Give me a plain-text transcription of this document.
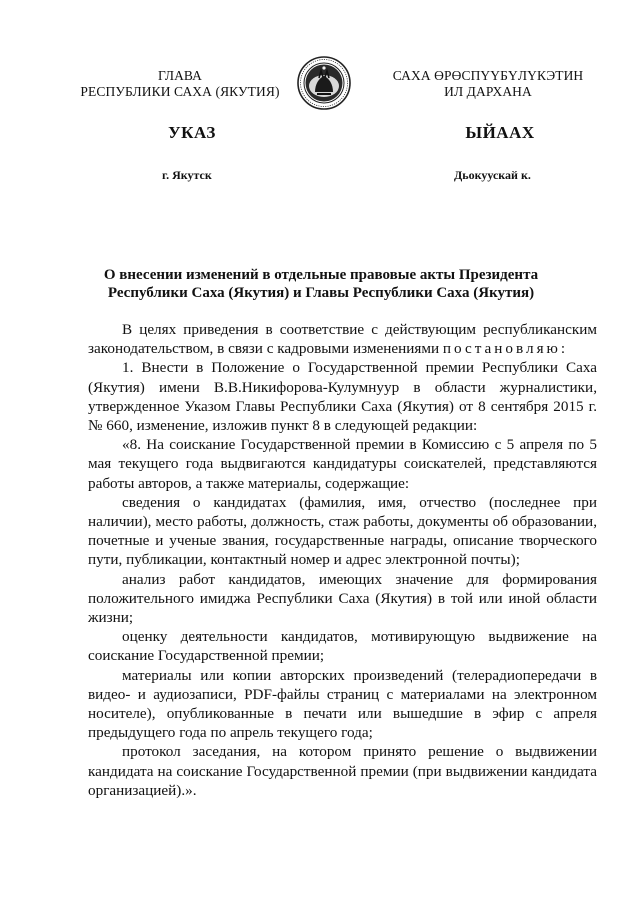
ГЛАВА
РЕСПУБЛИКИ САХА (ЯКУТИЯ)
САХА ӨРӨСПҮҮБҮЛҮКЭТИН
ИЛ ДАРХАНА
УКАЗ	ЫЙААХ
г. Якутск	Дьокуускай к.
О внесении изменений в отдельные правовые акты Президента
Республики Саха (Якутия) и Главы Республики Саха (Якутия)

В целях приведения в соответствие с действующим республиканским законодательством, в связи с кадровыми изменениями постановляю:

1. Внести в Положение о Государственной премии Республики Саха (Якутия) имени В.В.Никифорова-Кулумнуур в области журналистики, утвержденное Указом Главы Республики Саха (Якутия) от 8 сентября 2015 г. № 660, изменение, изложив пункт 8 в следующей редакции:

«8. На соискание Государственной премии в Комиссию с 5 апреля по 5 мая текущего года выдвигаются кандидатуры соискателей, представляются работы авторов, а также материалы, содержащие:

сведения о кандидатах (фамилия, имя, отчество (последнее при наличии), место работы, должность, стаж работы, документы об образовании, почетные и ученые звания, государственные награды, описание творческого пути, публикации, контактный номер и адрес электронной почты);

анализ работ кандидатов, имеющих значение для формирования положительного имиджа Республики Саха (Якутия) в той или иной области жизни;

оценку деятельности кандидатов, мотивирующую выдвижение на соискание Государственной премии;

материалы или копии авторских произведений (телерадиопередачи в видео- и аудиозаписи, PDF-файлы страниц с материалами на электронном носителе), опубликованные в печати или вышедшие в эфир с апреля предыдущего года по апрель текущего года;

протокол заседания, на котором принято решение о выдвижении кандидата на соискание Государственной премии (при выдвижении кандидата организацией).».
